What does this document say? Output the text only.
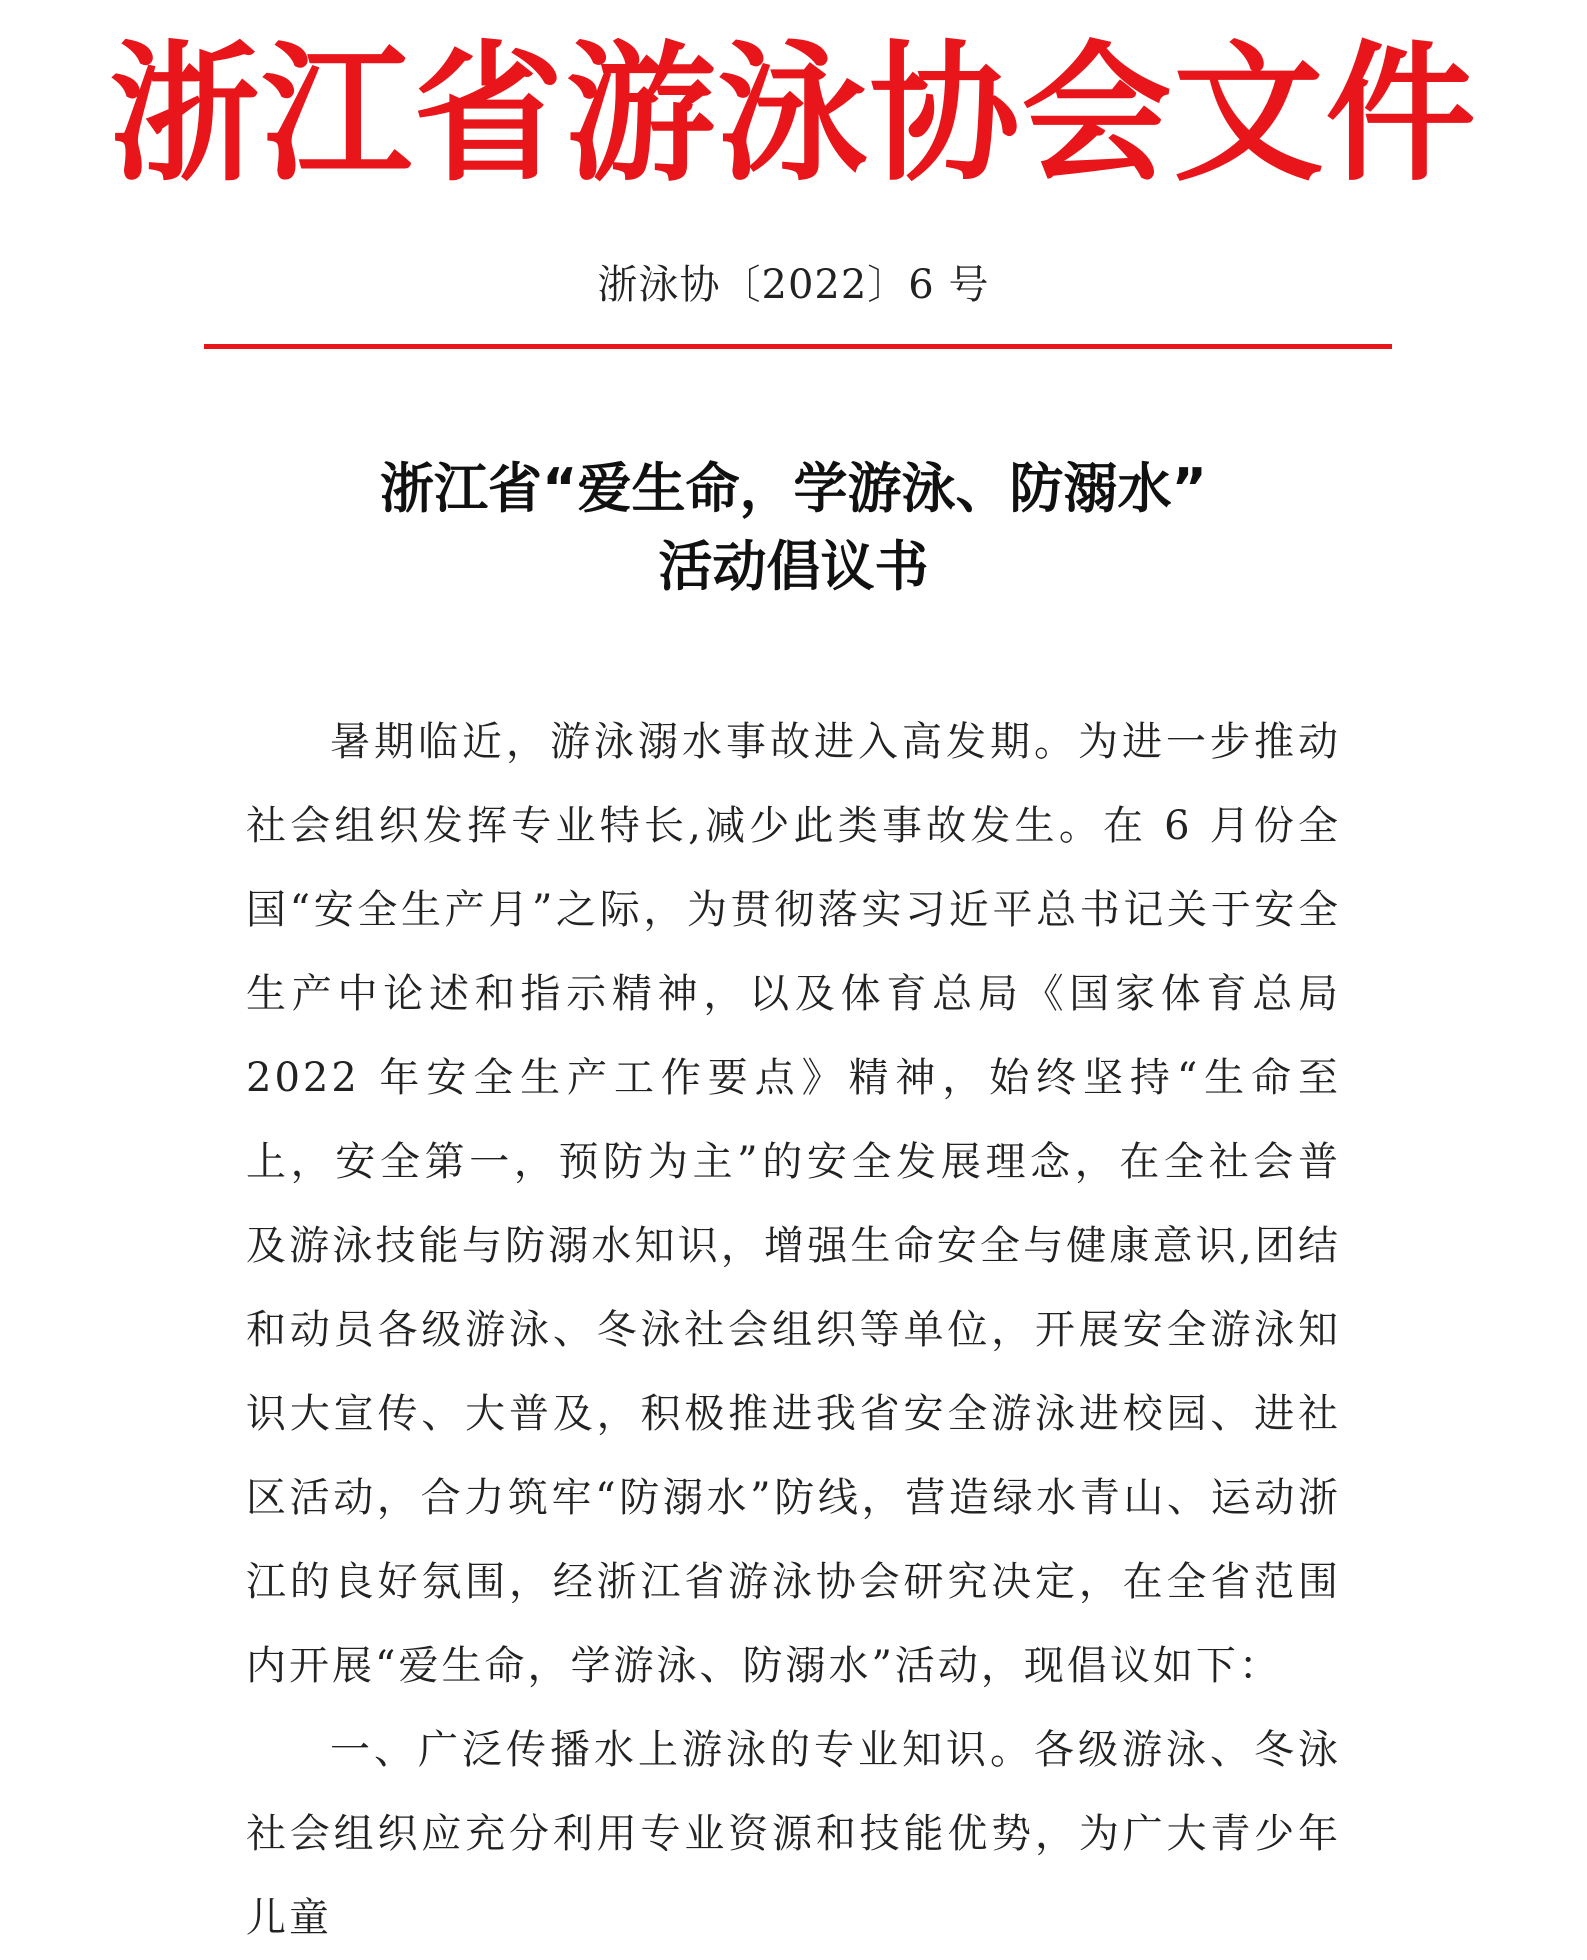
浙江省游泳协会文件
浙泳协〔2022〕6 号
浙江省“爱生命，学游泳、防溺水”
活动倡议书

暑期临近，游泳溺水事故进入高发期。为进一步推动社会组织发挥专业特长,减少此类事故发生。在 6 月份全国“安全生产月”之际，为贯彻落实习近平总书记关于安全生产中论述和指示精神，以及体育总局《国家体育总局 2022 年安全生产工作要点》精神，始终坚持“生命至上，安全第一，预防为主”的安全发展理念，在全社会普及游泳技能与防溺水知识，增强生命安全与健康意识,团结和动员各级游泳、冬泳社会组织等单位，开展安全游泳知识大宣传、大普及，积极推进我省安全游泳进校园、进社区活动，合力筑牢“防溺水”防线，营造绿水青山、运动浙江的良好氛围，经浙江省游泳协会研究决定，在全省范围内开展“爱生命，学游泳、防溺水”活动，现倡议如下：

一、广泛传播水上游泳的专业知识。各级游泳、冬泳社会组织应充分利用专业资源和技能优势，为广大青少年儿童
